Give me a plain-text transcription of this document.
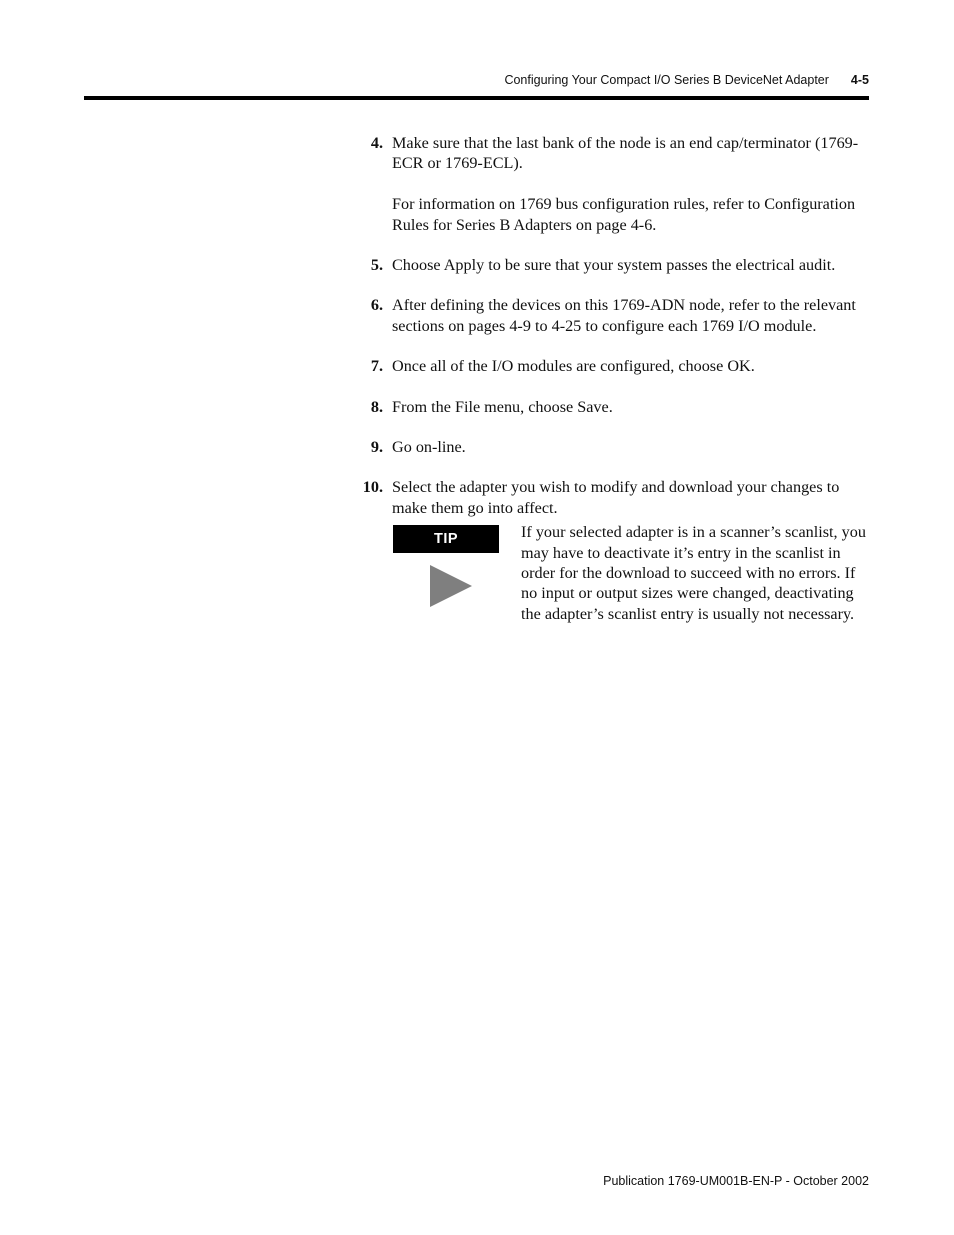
Configuring Your Compact I/O Series B DeviceNet Adapter 4-5
4. Make sure that the last bank of the node is an end cap/terminator (1769-ECR or 1769-ECL).

For information on 1769 bus configuration rules, refer to Configuration Rules for Series B Adapters on page 4-6.

5. Choose Apply to be sure that your system passes the electrical audit.

6. After defining the devices on this 1769-ADN node, refer to the relevant sections on pages 4-9 to 4-25 to configure each 1769 I/O module.

7. Once all of the I/O modules are configured, choose OK.

8. From the File menu, choose Save.

9. Go on-line.

10. Select the adapter you wish to modify and download your changes to make them go into affect.

TIP	If your selected adapter is in a scanner’s scanlist, you may have to deactivate it’s entry in the scanlist in order for the download to succeed with no errors. If no input or output sizes were changed, deactivating the adapter’s scanlist entry is usually not necessary.

Publication 1769-UM001B-EN-P - October 2002
